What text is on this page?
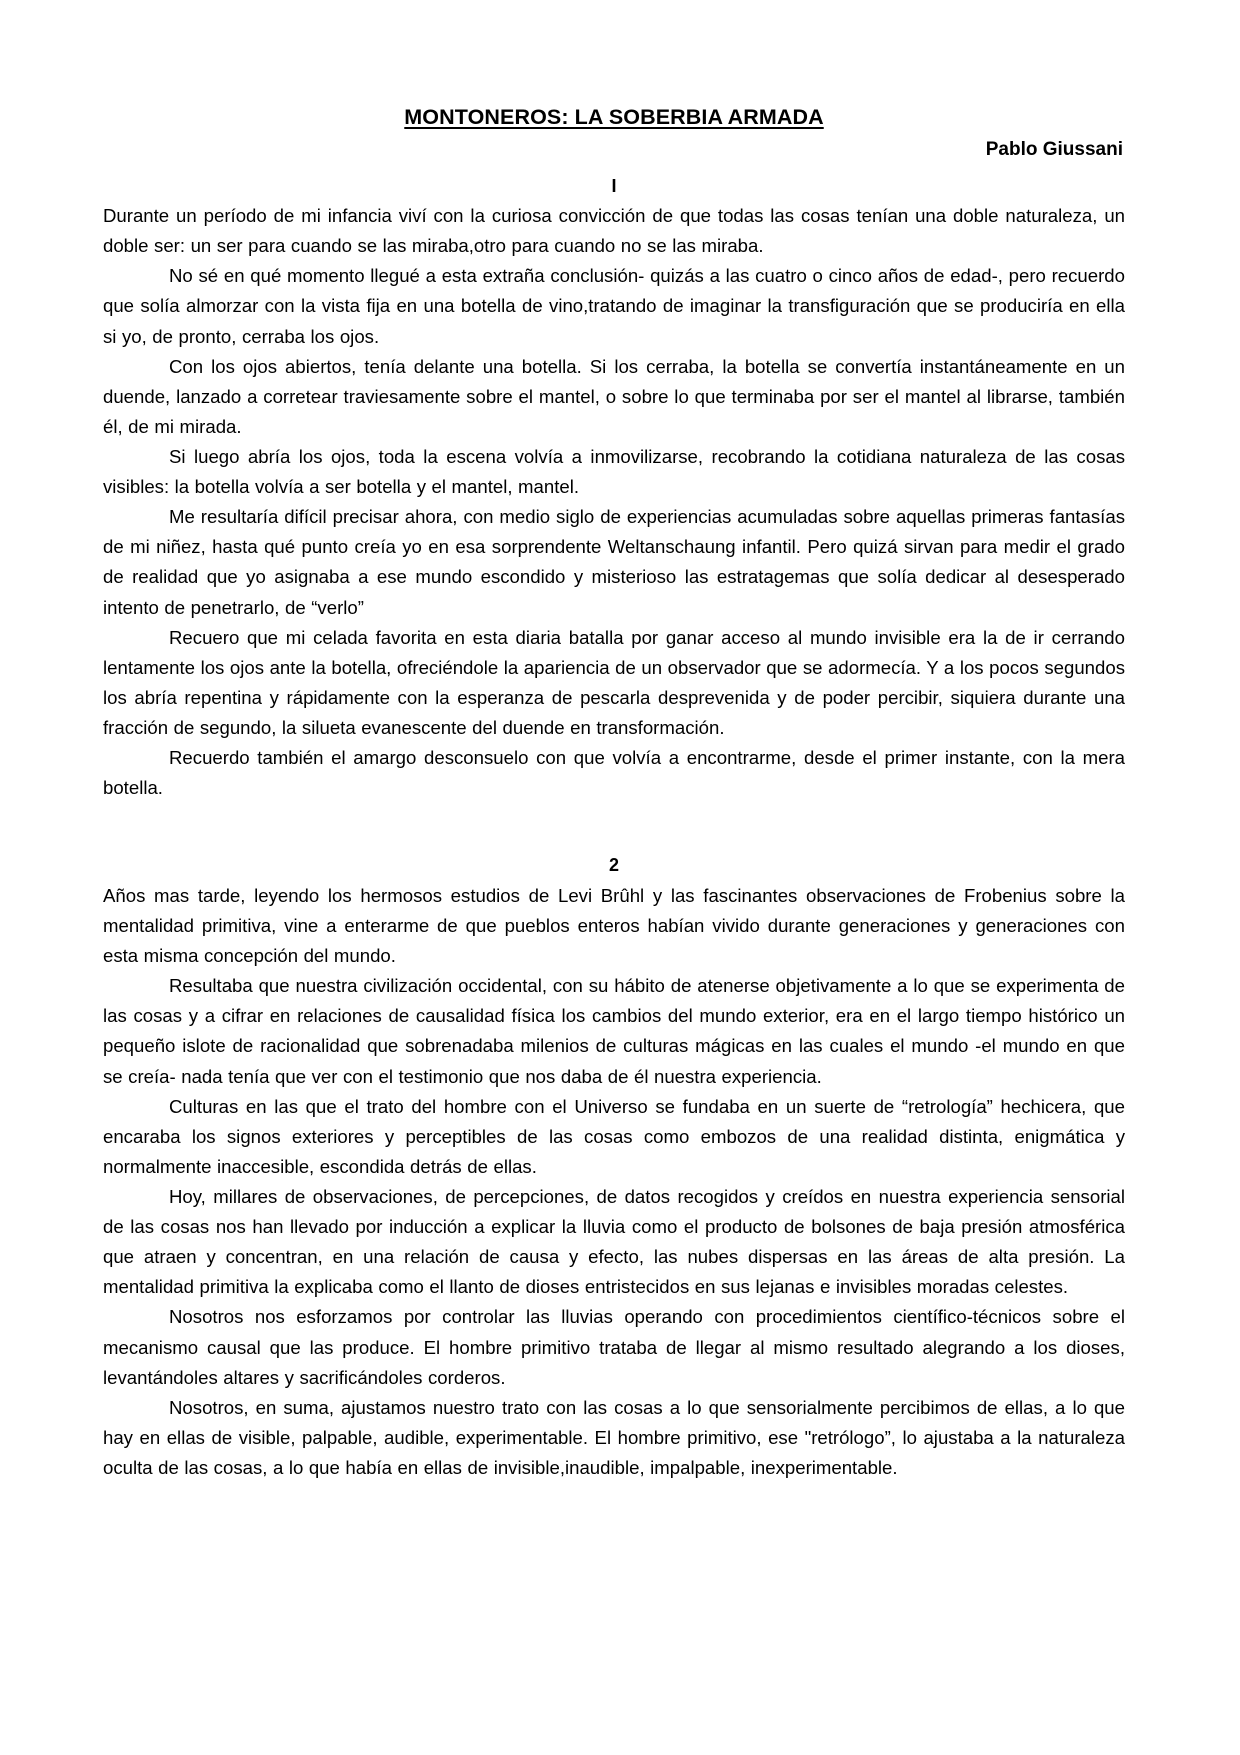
MONTONEROS: LA SOBERBIA ARMADA
Pablo Giussani
I

Durante un período de mi infancia viví con la curiosa convicción de que todas las cosas tenían una doble naturaleza, un doble ser: un ser para cuando se las miraba,otro para cuando no se las miraba.

No sé en qué momento llegué a esta extraña conclusión- quizás a las cuatro o cinco años de edad-, pero recuerdo que solía almorzar con la vista fija en una botella de vino,tratando de imaginar la transfiguración que se produciría en ella si yo, de pronto, cerraba los ojos.

Con los ojos abiertos, tenía delante una botella. Si los cerraba, la botella se convertía instantáneamente en un duende, lanzado a corretear traviesamente sobre el mantel, o sobre lo que terminaba por ser el mantel al librarse, también él, de mi mirada.

Si luego abría los ojos, toda la escena volvía a inmovilizarse, recobrando la cotidiana naturaleza de las cosas visibles: la botella volvía a ser botella y el mantel, mantel.

Me resultaría difícil precisar ahora, con medio siglo de experiencias acumuladas sobre aquellas primeras fantasías de mi niñez, hasta qué punto creía yo en esa sorprendente Weltanschaung infantil. Pero quizá sirvan para medir el grado de realidad que yo asignaba a ese mundo escondido y misterioso las estratagemas que solía dedicar al desesperado intento de penetrarlo, de “verlo”

Recuero que mi celada favorita en esta diaria batalla por ganar acceso al mundo invisible era la de ir cerrando lentamente los ojos ante la botella, ofreciéndole la apariencia de un observador que se adormecía. Y a los pocos segundos los abría repentina y rápidamente con la esperanza de pescarla desprevenida y de poder percibir, siquiera durante una fracción de segundo, la silueta evanescente del duende en transformación.

Recuerdo también el amargo desconsuelo con que volvía a encontrarme, desde el primer instante, con la mera botella.

2

Años mas tarde, leyendo los hermosos estudios de Levi Brûhl y las fascinantes observaciones de Frobenius sobre la mentalidad primitiva, vine a enterarme de que pueblos enteros habían vivido durante generaciones y generaciones con esta misma concepción del mundo.

Resultaba que nuestra civilización occidental, con su hábito de atenerse objetivamente a lo que se experimenta de las cosas y a cifrar en relaciones de causalidad física los cambios del mundo exterior, era en el largo tiempo histórico un pequeño islote de racionalidad que sobrenadaba milenios de culturas mágicas en las cuales el mundo -el mundo en que se creía- nada tenía que ver con el testimonio que nos daba de él nuestra experiencia.

Culturas en las que el trato del hombre con el Universo se fundaba en un suerte de “retrología” hechicera, que encaraba los signos exteriores y perceptibles de las cosas como embozos de una realidad distinta, enigmática y normalmente inaccesible, escondida detrás de ellas.

Hoy, millares de observaciones, de percepciones, de datos recogidos y creídos en nuestra experiencia sensorial de las cosas nos han llevado por inducción a explicar la lluvia como el producto de bolsones de baja presión atmosférica que atraen y concentran, en una relación de causa y efecto, las nubes dispersas en las áreas de alta presión. La mentalidad primitiva la explicaba como el llanto de dioses entristecidos en sus lejanas e invisibles moradas celestes.

Nosotros nos esforzamos por controlar las lluvias operando con procedimientos científico-técnicos sobre el mecanismo causal que las produce. El hombre primitivo trataba de llegar al mismo resultado alegrando a los dioses, levantándoles altares y sacrificándoles corderos.

Nosotros, en suma, ajustamos nuestro trato con las cosas a lo que sensorialmente percibimos de ellas, a lo que hay en ellas de visible, palpable, audible, experimentable. El hombre primitivo, ese "retrólogo”, lo ajustaba a la naturaleza oculta de las cosas, a lo que había en ellas de invisible,inaudible, impalpable, inexperimentable.
